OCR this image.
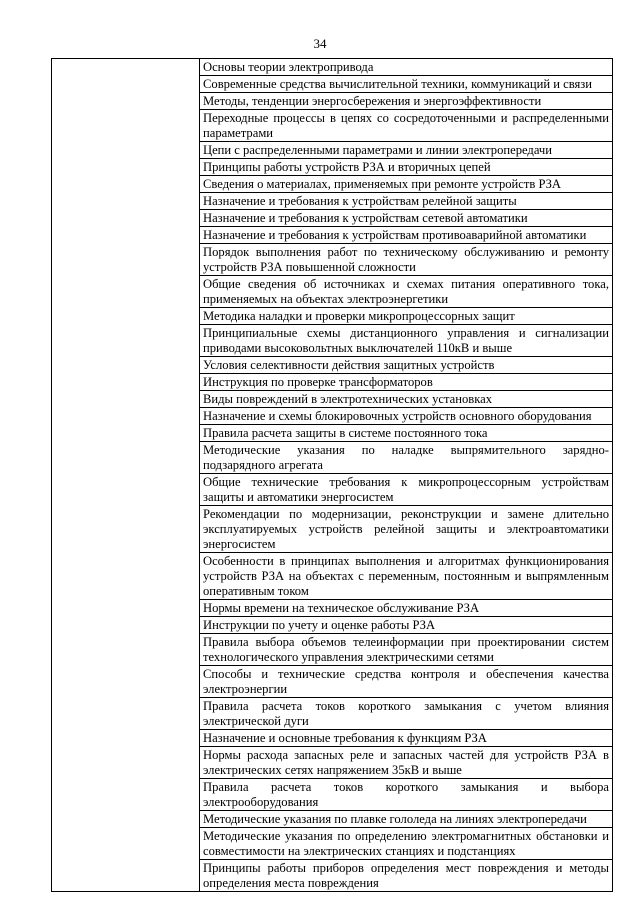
34
	Основы теории электропривода
Современные средства вычислительной техники, коммуникаций и связи
Методы, тенденции энергосбережения и энергоэффективности
Переходные процессы в цепях со сосредоточенными и распределенными параметрами
Цепи с распределенными параметрами и линии электропередачи
Принципы работы устройств РЗА и вторичных цепей
Сведения о материалах, применяемых при ремонте устройств РЗА
Назначение и требования к устройствам релейной защиты
Назначение и требования к устройствам сетевой автоматики
Назначение и требования к устройствам противоаварийной автоматики
Порядок выполнения работ по техническому обслуживанию и ремонту устройств РЗА повышенной сложности
Общие сведения об источниках и схемах питания оперативного тока, применяемых на объектах электроэнергетики
Методика наладки и проверки микропроцессорных защит
Принципиальные схемы дистанционного управления и сигнализации приводами высоковольтных выключателей 110кВ и выше
Условия селективности действия защитных устройств
Инструкция по проверке трансформаторов
Виды повреждений в электротехнических установках
Назначение и схемы блокировочных устройств основного оборудования
Правила расчета защиты в системе постоянного тока
Методические указания по наладке выпрямительного зарядно-подзарядного агрегата
Общие технические требования к микропроцессорным устройствам защиты и автоматики энергосистем
Рекомендации по модернизации, реконструкции и замене длительно эксплуатируемых устройств релейной защиты и электроавтоматики энергосистем
Особенности в принципах выполнения и алгоритмах функционирования устройств РЗА на объектах с переменным, постоянным и выпрямленным оперативным током
Нормы времени на техническое обслуживание РЗА
Инструкции по учету и оценке работы РЗА
Правила выбора объемов телеинформации при проектировании систем технологического управления электрическими сетями
Способы и технические средства контроля и обеспечения качества электроэнергии
Правила расчета токов короткого замыкания с учетом влияния электрической дуги
Назначение и основные требования к функциям РЗА
Нормы расхода запасных реле и запасных частей для устройств РЗА в электрических сетях напряжением 35кВ и выше
Правила расчета токов короткого замыкания и выбора электрооборудования
Методические указания по плавке гололеда на линиях электропередачи
Методические указания по определению электромагнитных обстановки и совместимости на электрических станциях и подстанциях
Принципы работы приборов определения мест повреждения и методы определения места повреждения
